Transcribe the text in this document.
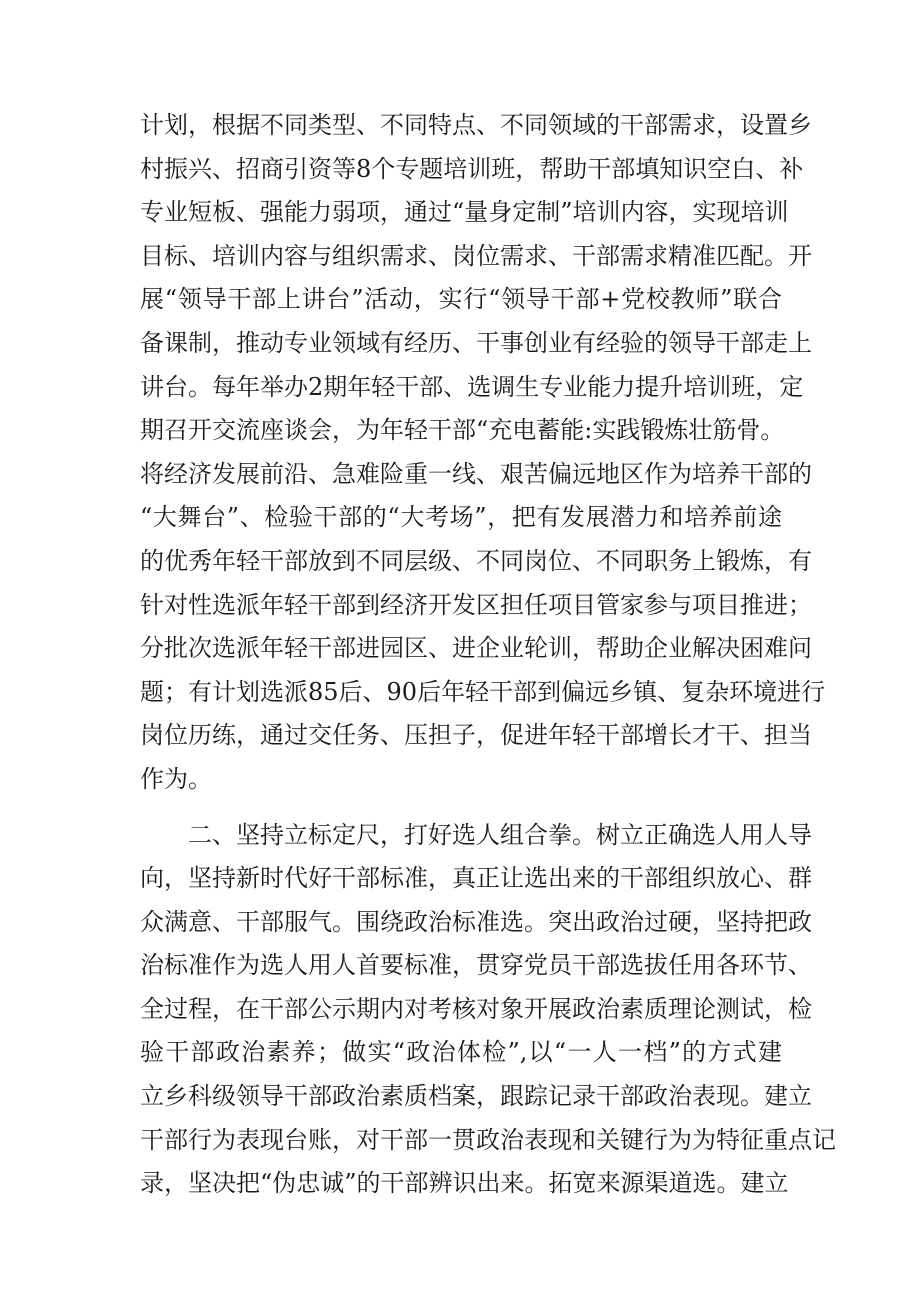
计划，根据不同类型、不同特点、不同领域的干部需求，设置乡
村振兴、招商引资等8个专题培训班，帮助干部填知识空白、补
专业短板、强能力弱项，通过“量身定制”培训内容，实现培训
目标、培训内容与组织需求、岗位需求、干部需求精准匹配。开
展“领导干部上讲台”活动，实行“领导干部+党校教师”联合
备课制，推动专业领域有经历、干事创业有经验的领导干部走上
讲台。每年举办2期年轻干部、选调生专业能力提升培训班，定
期召开交流座谈会，为年轻干部“充电蓄能:实践锻炼壮筋骨。
将经济发展前沿、急难险重一线、艰苦偏远地区作为培养干部的
“大舞台”、检验干部的“大考场”，把有发展潜力和培养前途
的优秀年轻干部放到不同层级、不同岗位、不同职务上锻炼，有
针对性选派年轻干部到经济开发区担任项目管家参与项目推进；
分批次选派年轻干部进园区、进企业轮训，帮助企业解决困难问
题；有计划选派85后、90后年轻干部到偏远乡镇、复杂环境进行
岗位历练，通过交任务、压担子，促进年轻干部增长才干、担当
作为。
　　二、坚持立标定尺，打好选人组合拳。树立正确选人用人导
向，坚持新时代好干部标准，真正让选出来的干部组织放心、群
众满意、干部服气。围绕政治标准选。突出政治过硬，坚持把政
治标准作为选人用人首要标准，贯穿党员干部选拔任用各环节、
全过程，在干部公示期内对考核对象开展政治素质理论测试，检
验干部政治素养；做实“政治体检”,以“一人一档”的方式建
立乡科级领导干部政治素质档案，跟踪记录干部政治表现。建立
干部行为表现台账，对干部一贯政治表现和关键行为为特征重点记
录，坚决把“伪忠诚”的干部辨识出来。拓宽来源渠道选。建立
